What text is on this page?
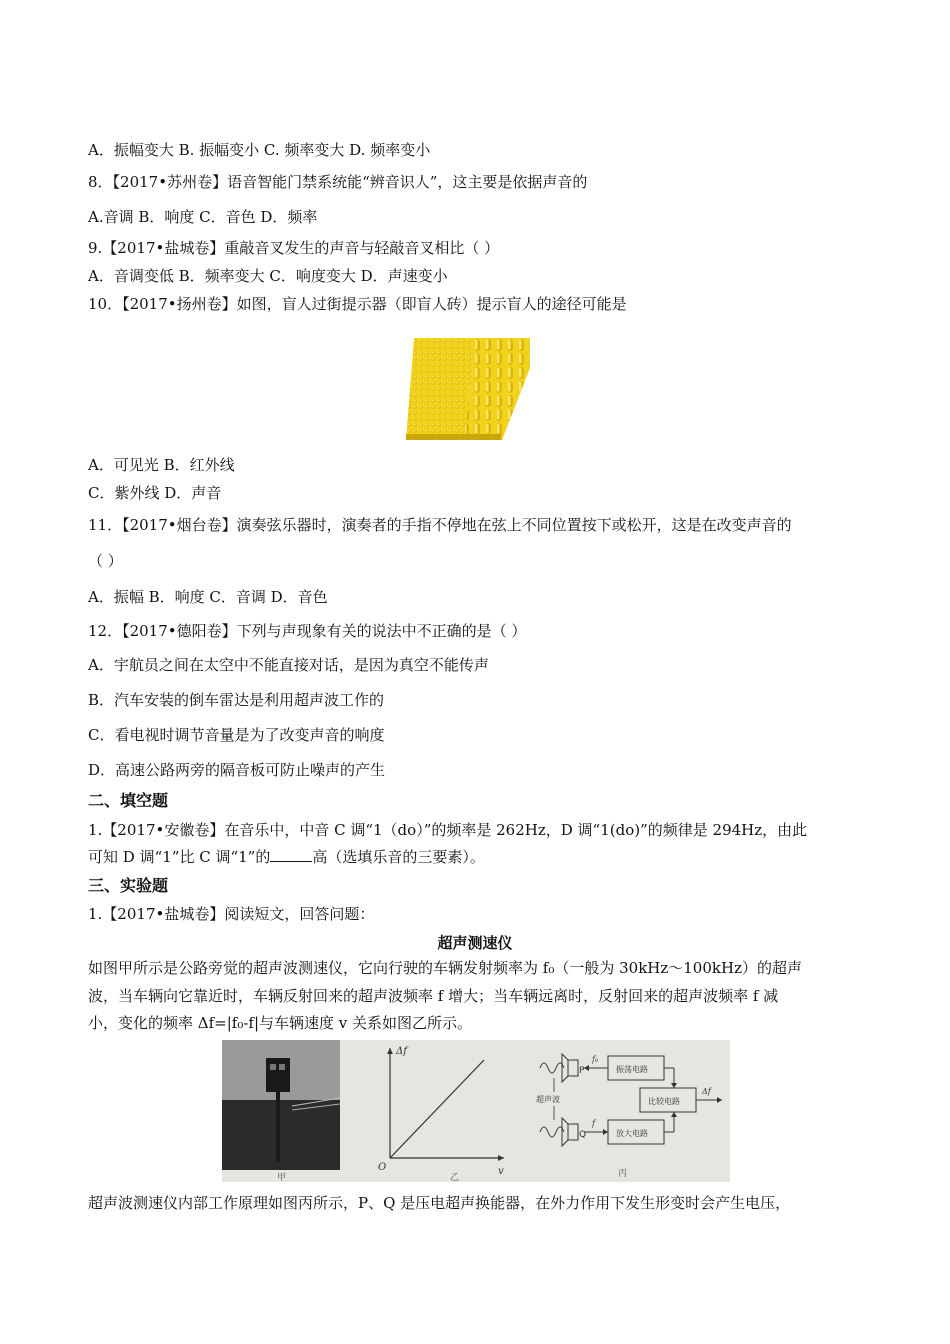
A．振幅变大 B. 振幅变小 C. 频率变大 D. 频率变小
8．【2017•苏州卷】语音智能门禁系统能“辨音识人”，这主要是依据声音的
A.音调 B．响度 C．音色 D．频率
9.【2017•盐城卷】重敲音叉发生的声音与轻敲音叉相比（ ）
A．音调变低 B．频率变大 C．响度变大 D．声速变小
10．【2017•扬州卷】如图，盲人过街提示器（即盲人砖）提示盲人的途径可能是
A．可见光 B．红外线
C．紫外线 D．声音
11．【2017•烟台卷】演奏弦乐器时，演奏者的手指不停地在弦上不同位置按下或松开，这是在改变声音的
（ ）
A．振幅 B．响度 C．音调 D．音色
12．【2017•德阳卷】下列与声现象有关的说法中不正确的是（ ）
A．宇航员之间在太空中不能直接对话，是因为真空不能传声
B．汽车安装的倒车雷达是利用超声波工作的
C．看电视时调节音量是为了改变声音的响度
D．高速公路两旁的隔音板可防止噪声的产生
二、填空题
1.【2017•安徽卷】在音乐中，中音 C 调“1（do）”的频率是 262Hz，D 调“1(do)”的频律是 294Hz，由此
可知 D 调“1”比 C 调“1”的	高（选填乐音的三要素）。
三、实验题
1.【2017•盐城卷】阅读短文，回答问题：
超声测速仪
如图甲所示是公路旁觉的超声波测速仪，它向行驶的车辆发射频率为 f₀（一般为 30kHz～100kHz）的超声
波，当车辆向它靠近时，车辆反射回来的超声波频率 f 增大；当车辆远离时，反射回来的超声波频率 f 减
小，变化的频率 Δf=|f₀-f|与车辆速度 v 关系如图乙所示。
甲
Δf
v
O
乙
P
Q
超声波
振荡电路
f₀
放大电路
f
比较电路
Δf
丙
超声波测速仪内部工作原理如图丙所示，P、Q 是压电超声换能器，在外力作用下发生形变时会产生电压，
